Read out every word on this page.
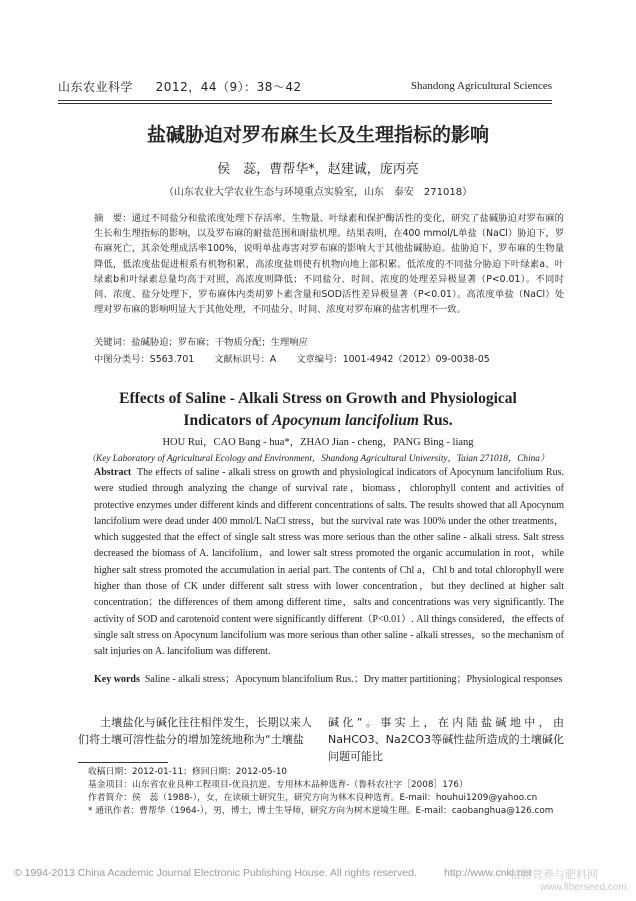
山东农业科学 2012，44（9）：38～42	Shandong Agricultural Sciences
盐碱胁迫对罗布麻生长及生理指标的影响
侯　蕊，曹帮华*，赵建诚，庞丙亮
（山东农业大学农业生态与环境重点实验室，山东　泰安　271018）
摘　要：通过不同盐分和盐浓度处理下存活率、生物量、叶绿素和保护酶活性的变化，研究了盐碱胁迫对罗布麻的生长和生理指标的影响，以及罗布麻的耐盐范围和耐盐机理。结果表明，在400 mmol/L单盐（NaCl）胁迫下，罗布麻死亡，其余处理成活率100%，说明单盐毒害对罗布麻的影响大于其他盐碱胁迫。盐胁迫下，罗布麻的生物量降低，低浓度盐促进根系有机物积累，高浓度盐则使有机物向地上部积累。低浓度的不同盐分胁迫下叶绿素a、叶绿素b和叶绿素总量均高于对照，高浓度则降低；不同盐分、时间、浓度的处理差异极显著（P<0.01）。不同时间、浓度、盐分处理下，罗布麻体内类胡萝卜素含量和SOD活性差异极显著（P<0.01）。高浓度单盐（NaCl）处理对罗布麻的影响明显大于其他处理，不同盐分、时间、浓度对罗布麻的盐害机理不一致。
关键词：盐碱胁迫；罗布麻；干物质分配；生理响应
中图分类号：S563.701 文献标识号：A 文章编号：1001-4942（2012）09-0038-05
Effects of Saline - Alkali Stress on Growth and Physiological
Indicators of Apocynum lancifolium Rus.
HOU Rui，CAO Bang - hua*，ZHAO Jian - cheng，PANG Bing - liang
（Key Laboratory of Agricultural Ecology and Environment，Shandong Agricultural University，Taian 271018，China）
Abstract The effects of saline - alkali stress on growth and physiological indicators of Apocynum lancifolium Rus. were studied through analyzing the change of survival rate，biomass，chlorophyll content and activities of protective enzymes under different kinds and different concentrations of salts. The results showed that all Apocynum lancifolium were dead under 400 mmol/L NaCl stress，but the survival rate was 100% under the other treatments，which suggested that the effect of single salt stress was more serious than the other saline - alkali stress. Salt stress decreased the biomass of A. lancifolium，and lower salt stress promoted the organic accumulation in root，while higher salt stress promoted the accumulation in aerial part. The contents of Chl a，Chl b and total chlorophyll were higher than those of CK under different salt stress with lower concentration，but they declined at higher salt concentration；the differences of them among different time，salts and concentrations was very significantly. The activity of SOD and carotenoid content were significantly different（P<0.01）. All things considered，the effects of single salt stress on Apocynum lancifolium was more serious than other saline - alkali stresses，so the mechanism of salt injuries on A. lancifolium was different.
Key words Saline - alkali stress；Apocynum blancifolium Rus.；Dry matter partitioning；Physiological responses
土壤盐化与碱化往往相伴发生，长期以来人们将土壤可溶性盐分的增加笼统地称为“土壤盐
碱化”。事实上，在内陆盐碱地中，由NaHCO3、Na2CO3等碱性盐所造成的土壤碱化问题可能比
收稿日期：2012-01-11；修回日期：2012-05-10
基金项目：山东省农业良种工程项目-优良抗逆、专用林木品种选育-（鲁科农社字［2008］176）
作者简介：侯　蕊（1988-），女，在读硕士研究生，研究方向为林木良种选育。E-mail：houhui1209@yahoo.cn
* 通讯作者：曹帮华（1964-），男，博士，博士生导师，研究方向为树木逆境生理。E-mail：caobanghua@126.com
© 1994-2013 China Academic Journal Electronic Publishing House. All rights reserved.	http://www.cnki.net
植物营养与肥料网
www.fiberseed.com
